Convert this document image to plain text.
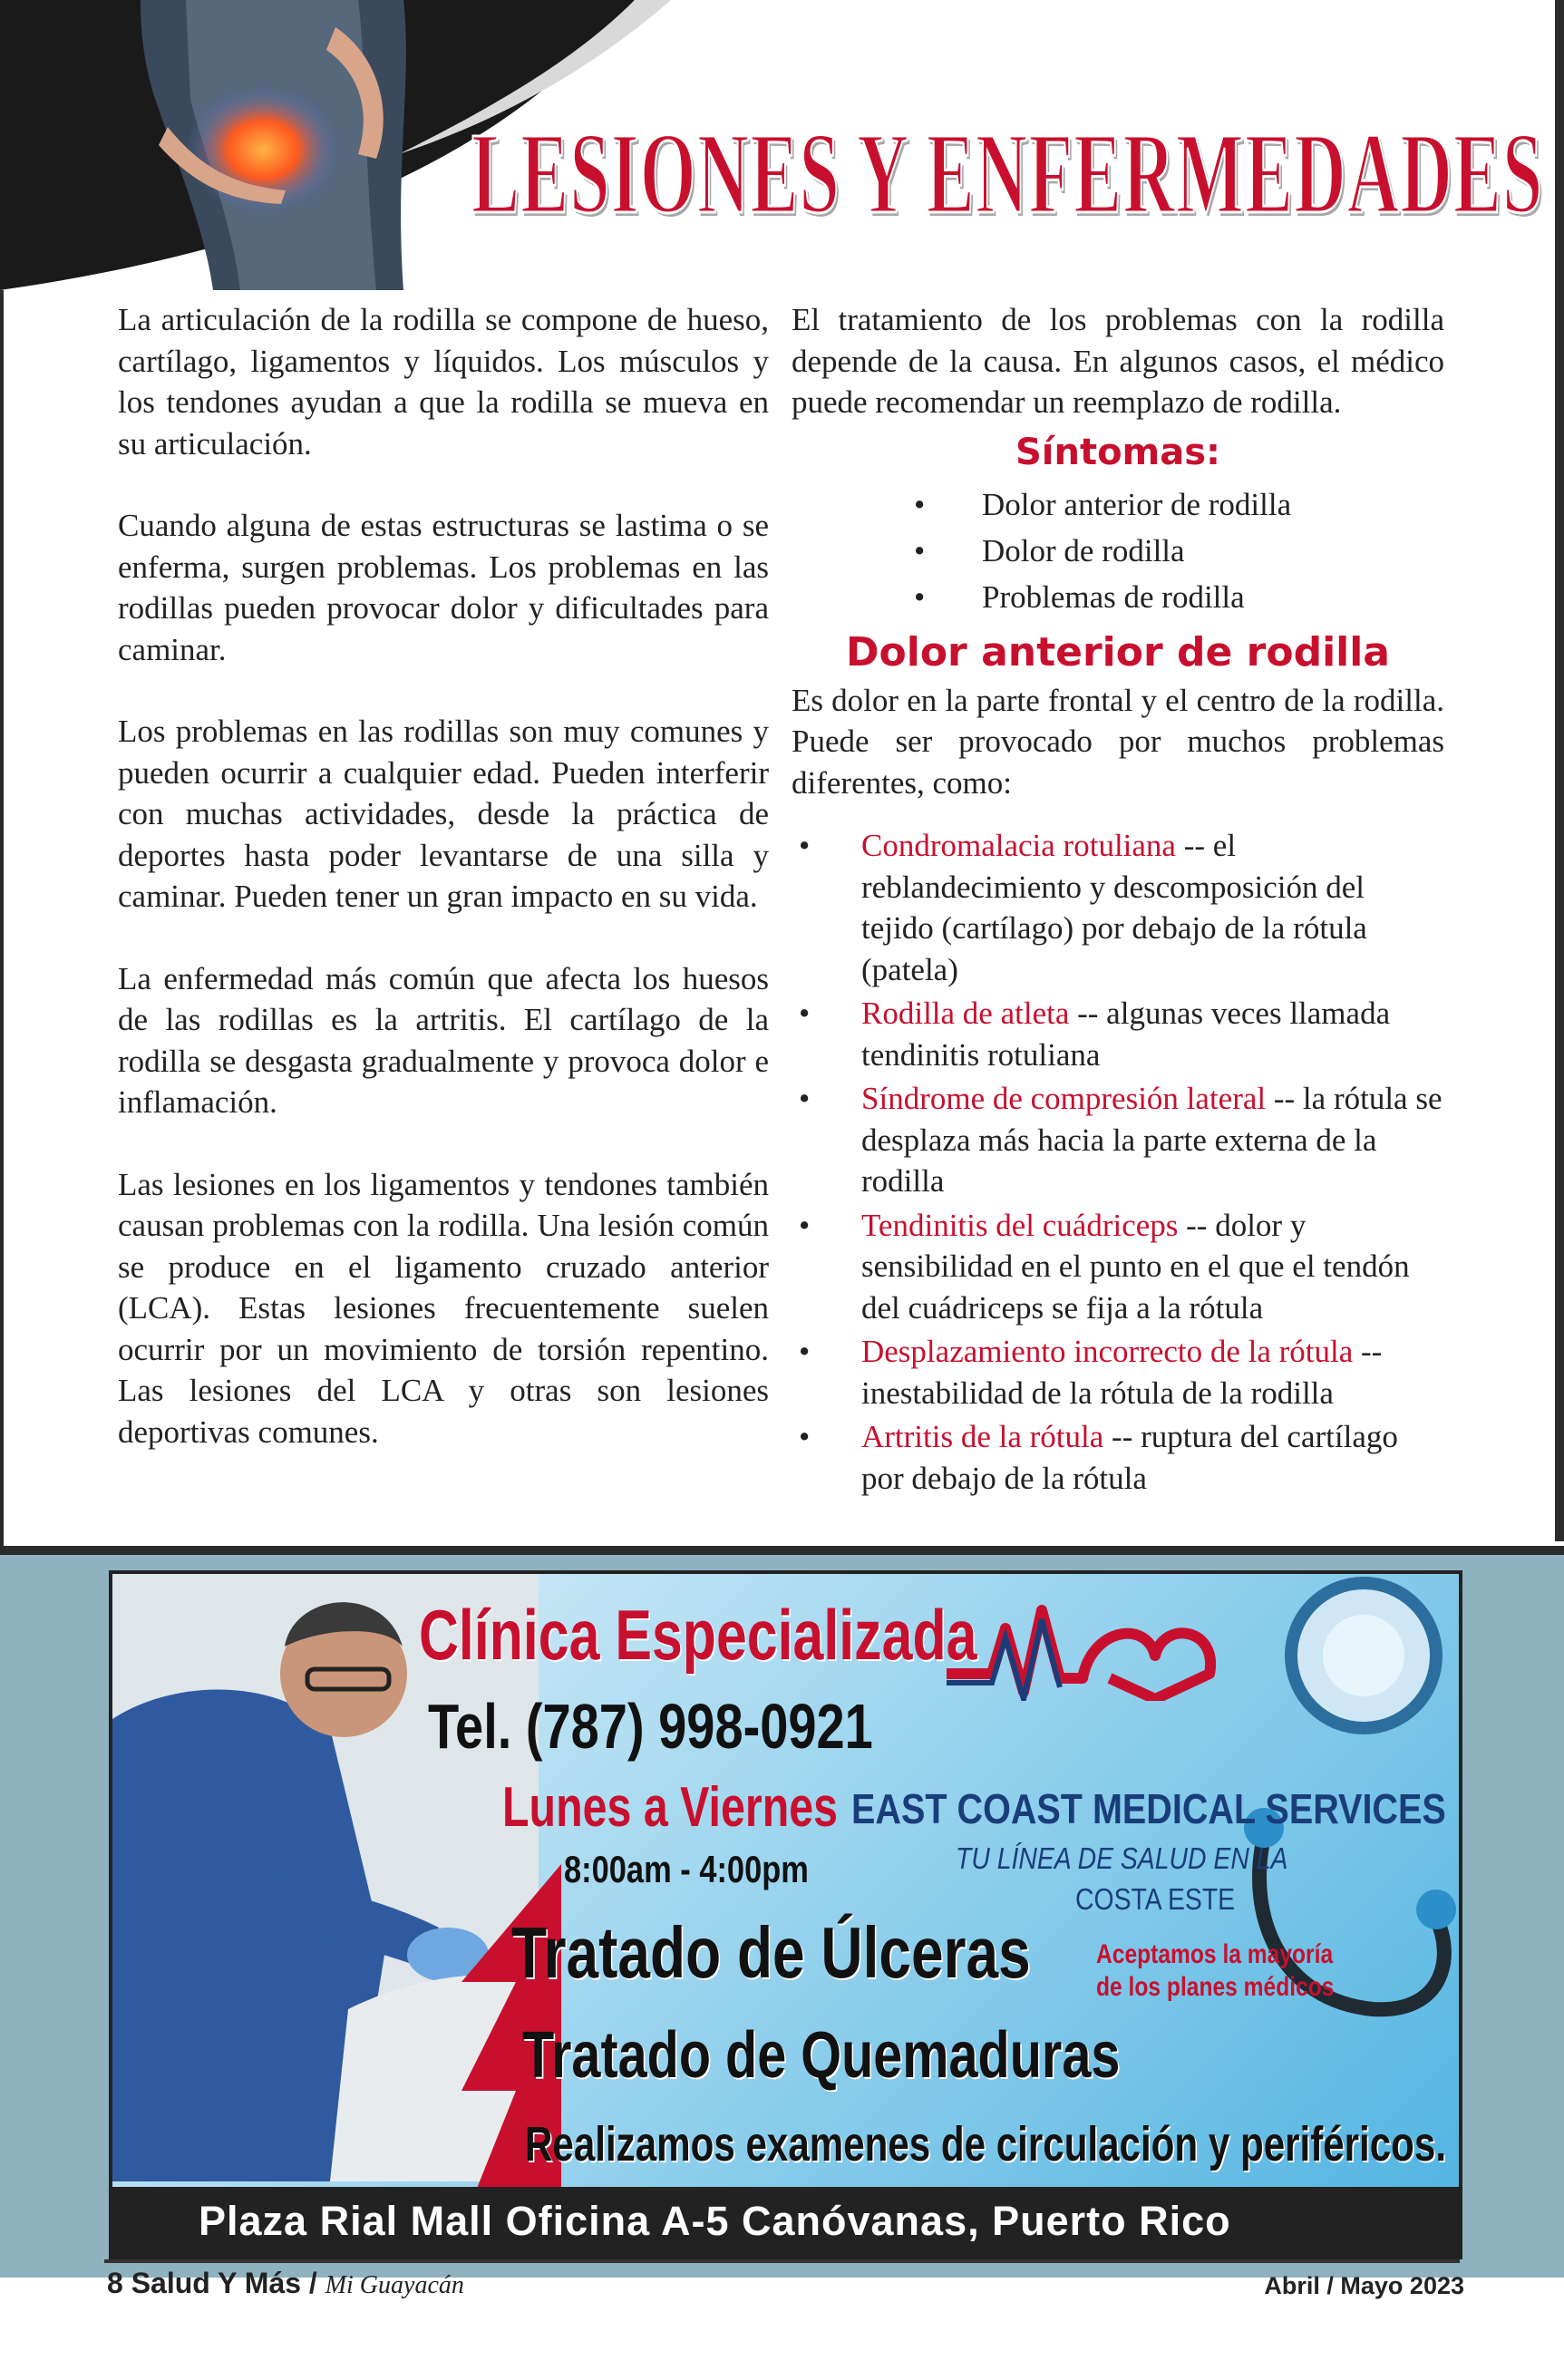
LESIONES Y ENFERMEDADES

La articulación de la rodilla se compone de hueso, cartílago, ligamentos y líquidos. Los músculos y los tendones ayudan a que la rodilla se mueva en su articulación.

Cuando alguna de estas estructuras se lastima o se enferma, surgen problemas. Los problemas en las rodillas pueden provocar dolor y dificultades para caminar.

Los problemas en las rodillas son muy comunes y pueden ocurrir a cualquier edad. Pueden interferir con muchas actividades, desde la práctica de deportes hasta poder levantarse de una silla y caminar. Pueden tener un gran impacto en su vida.

La enfermedad más común que afecta los huesos de las rodillas es la artritis. El cartílago de la rodilla se desgasta gradualmente y provoca dolor e inflamación.

Las lesiones en los ligamentos y tendones también causan problemas con la rodilla. Una lesión común se produce en el ligamento cruzado anterior (LCA). Estas lesiones frecuentemente suelen ocurrir por un movimiento de torsión repentino. Las lesiones del LCA y otras son lesiones deportivas comunes.

El tratamiento de los problemas con la rodilla depende de la causa. En algunos casos, el médico puede recomendar un reemplazo de rodilla.

Síntomas:
• Dolor anterior de rodilla
• Dolor de rodilla
• Problemas de rodilla
Dolor anterior de rodilla

Es dolor en la parte frontal y el centro de la rodilla. Puede ser provocado por muchos problemas diferentes, como:

• Condromalacia rotuliana -- el reblandecimiento y descomposición del tejido (cartílago) por debajo de la rótula (patela)
• Rodilla de atleta -- algunas veces llamada tendinitis rotuliana
• Síndrome de compresión lateral -- la rótula se desplaza más hacia la parte externa de la rodilla
• Tendinitis del cuádriceps -- dolor y sensibilidad en el punto en el que el tendón del cuádriceps se fija a la rótula
• Desplazamiento incorrecto de la rótula -- inestabilidad de la rótula de la rodilla
• Artritis de la rótula -- ruptura del cartílago por debajo de la rótula

Clínica Especializada

Tel. (787) 998-0921

Lunes a Viernes

8:00am - 4:00pm

EAST COAST MEDICAL SERVICES

TU LÍNEA DE SALUD EN LA

COSTA ESTE

Tratado de Úlceras Aceptamos la mayoría de los planes médicos

Tratado de Quemaduras

Realizamos examenes de circulación y periféricos.

Plaza Rial Mall Oficina A-5 Canóvanas, Puerto Rico

8 Salud Y Más / Mi Guayacán	Abril / Mayo 2023
